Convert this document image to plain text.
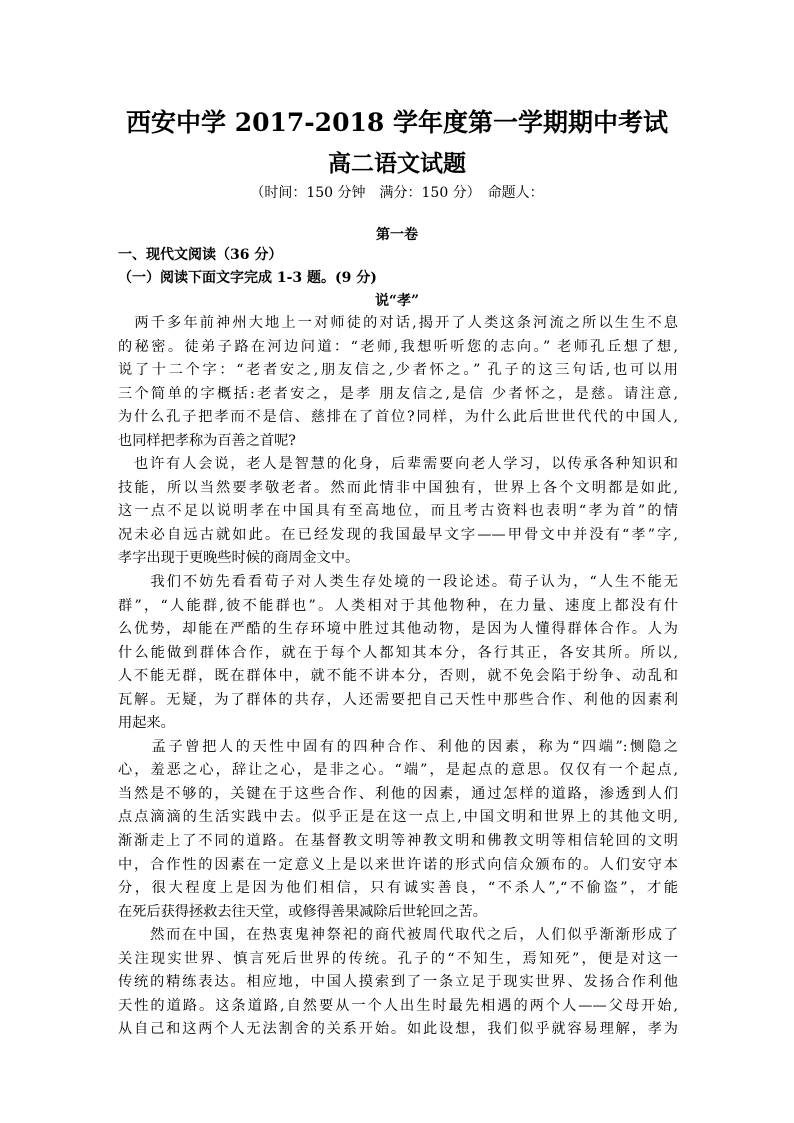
西安中学 2017-2018 学年度第一学期期中考试
高二语文试题
（时间：150 分钟　满分：150 分）　命题人：
第一卷
一、现代文阅读（36 分）
（一）阅读下面文字完成 1-3 题。(9 分)
说“孝”
　两千多年前神州大地上一对师徒的对话,揭开了人类这条河流之所以生生不息
的秘密。徒弟子路在河边问道：“老师,我想听听您的志向。” 老师孔丘想了想,
说了十二个字：“老者安之,朋友信之,少者怀之。” 孔子的这三句话,也可以用
三个简单的字概括:老者安之，是孝 朋友信之,是信 少者怀之，是慈。请注意,
为什么孔子把孝而不是信、慈排在了首位?同样，为什么此后世世代代的中国人,
也同样把孝称为百善之首呢?
　也许有人会说，老人是智慧的化身，后辈需要向老人学习，以传承各种知识和
技能，所以当然要孝敬老者。然而此情非中国独有，世界上各个文明都是如此,
这一点不足以说明孝在中国具有至高地位，而且考古资料也表明“孝为首”的情
况未必自远古就如此。在已经发现的我国最早文字——甲骨文中并没有“孝”字,
孝字出现于更晚些时候的商周金文中。
　　我们不妨先看看荀子对人类生存处境的一段论述。荀子认为，“人生不能无
群”，“人能群,彼不能群也”。人类相对于其他物种，在力量、速度上都没有什
么优势，却能在严酷的生存环境中胜过其他动物，是因为人懂得群体合作。人为
什么能做到群体合作，就在于每个人都知其本分，各行其正，各安其所。所以,
人不能无群，既在群体中，就不能不讲本分，否则，就不免会陷于纷争、动乱和
瓦解。无疑，为了群体的共存，人还需要把自己天性中那些合作、利他的因素利
用起来。
　　孟子曾把人的天性中固有的四种合作、利他的因素，称为“四端”:恻隐之
心，羞恶之心，辞让之心，是非之心。“端”，是起点的意思。仅仅有一个起点,
当然是不够的，关键在于这些合作、利他的因素，通过怎样的道路，渗透到人们
点点滴滴的生活实践中去。似乎正是在这一点上,中国文明和世界上的其他文明,
渐渐走上了不同的道路。在基督教文明等神教文明和佛教文明等相信轮回的文明
中，合作性的因素在一定意义上是以来世许诺的形式向信众颁布的。人们安守本
分，很大程度上是因为他们相信，只有诚实善良，“不杀人”,“不偷盗”，才能
在死后获得拯救去往天堂，或修得善果减除后世轮回之苦。
　　然而在中国，在热衷鬼神祭祀的商代被周代取代之后，人们似乎渐渐形成了
关注现实世界、慎言死后世界的传统。孔子的“不知生，焉知死”，便是对这一
传统的精练表达。相应地，中国人摸索到了一条立足于现实世界、发扬合作利他
天性的道路。这条道路,自然要从一个人出生时最先相遇的两个人——父母开始,
从自己和这两个人无法割舍的关系开始。如此设想，我们似乎就容易理解，孝为
